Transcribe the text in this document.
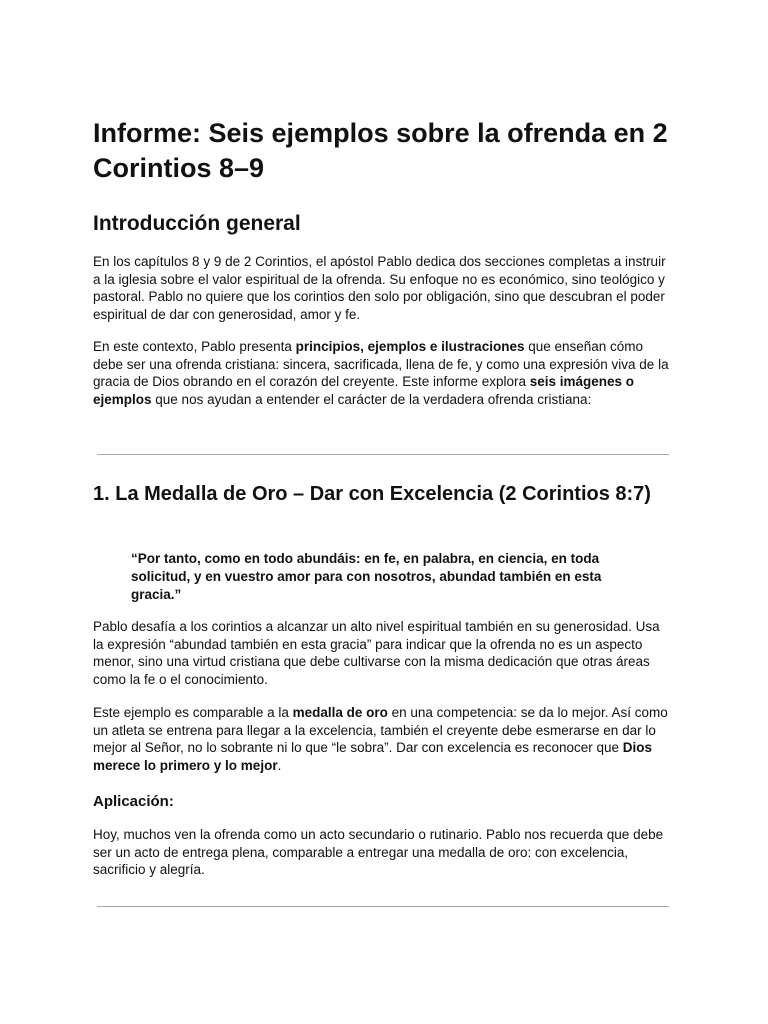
Informe: Seis ejemplos sobre la ofrenda en 2 Corintios 8–9
Introducción general

En los capítulos 8 y 9 de 2 Corintios, el apóstol Pablo dedica dos secciones completas a instruir a la iglesia sobre el valor espiritual de la ofrenda. Su enfoque no es económico, sino teológico y pastoral. Pablo no quiere que los corintios den solo por obligación, sino que descubran el poder espiritual de dar con generosidad, amor y fe.

En este contexto, Pablo presenta principios, ejemplos e ilustraciones que enseñan cómo debe ser una ofrenda cristiana: sincera, sacrificada, llena de fe, y como una expresión viva de la gracia de Dios obrando en el corazón del creyente. Este informe explora seis imágenes o ejemplos que nos ayudan a entender el carácter de la verdadera ofrenda cristiana:

1. La Medalla de Oro – Dar con Excelencia (2 Corintios 8:7)
“Por tanto, como en todo abundáis: en fe, en palabra, en ciencia, en toda solicitud, y en vuestro amor para con nosotros, abundad también en esta gracia.”

Pablo desafía a los corintios a alcanzar un alto nivel espiritual también en su generosidad. Usa la expresión “abundad también en esta gracia” para indicar que la ofrenda no es un aspecto menor, sino una virtud cristiana que debe cultivarse con la misma dedicación que otras áreas como la fe o el conocimiento.

Este ejemplo es comparable a la medalla de oro en una competencia: se da lo mejor. Así como un atleta se entrena para llegar a la excelencia, también el creyente debe esmerarse en dar lo mejor al Señor, no lo sobrante ni lo que “le sobra”. Dar con excelencia es reconocer que Dios merece lo primero y lo mejor.

Aplicación:

Hoy, muchos ven la ofrenda como un acto secundario o rutinario. Pablo nos recuerda que debe ser un acto de entrega plena, comparable a entregar una medalla de oro: con excelencia, sacrificio y alegría.
